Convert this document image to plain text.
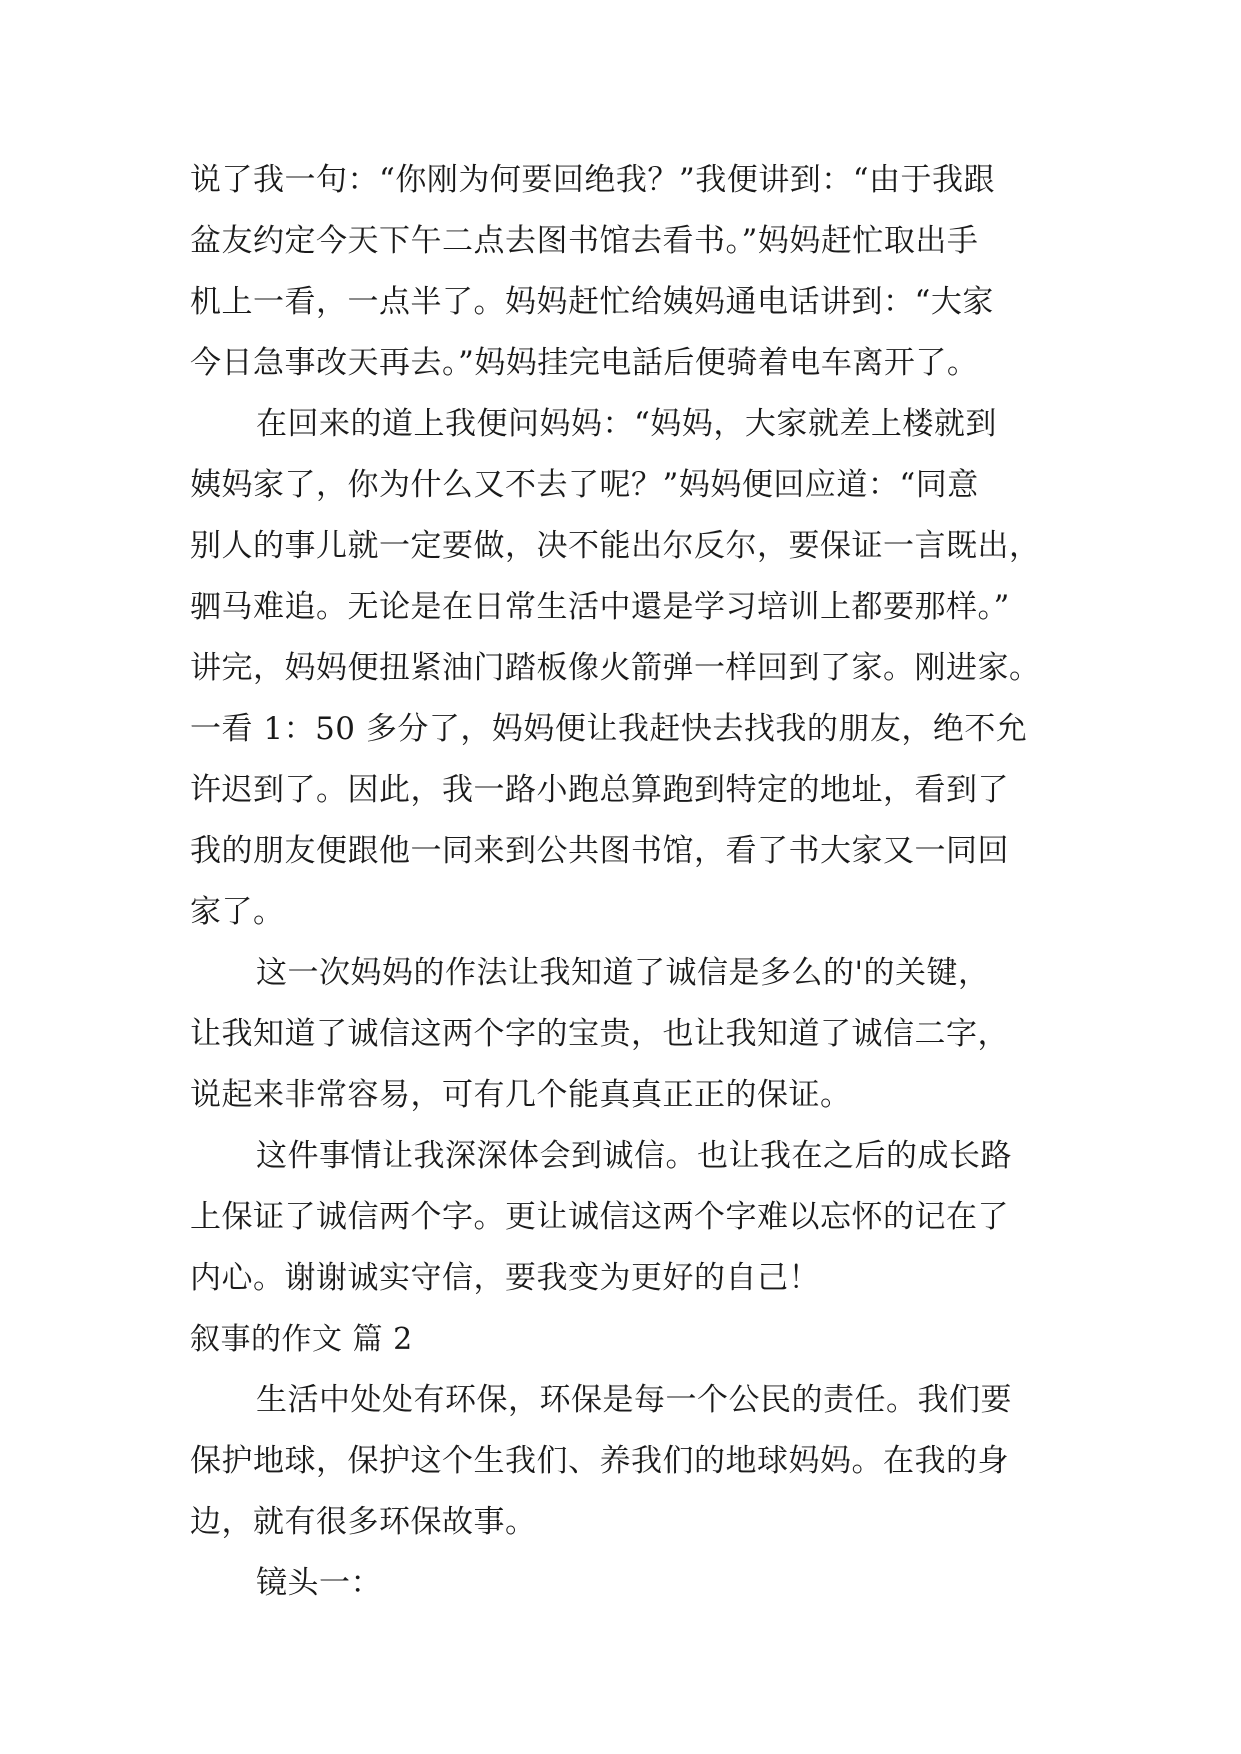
说了我一句：“你刚为何要回绝我？”我便讲到：“由于我跟
盆友约定今天下午二点去图书馆去看书。”妈妈赶忙取出手
机上一看，一点半了。妈妈赶忙给姨妈通电话讲到：“大家
今日急事改天再去。”妈妈挂完电話后便骑着电车离开了。
在回来的道上我便问妈妈：“妈妈，大家就差上楼就到
姨妈家了，你为什么又不去了呢？”妈妈便回应道：“同意
别人的事儿就一定要做，决不能出尔反尔，要保证一言既出，
驷马难追。无论是在日常生活中還是学习培训上都要那样。”
讲完，妈妈便扭紧油门踏板像火箭弹一样回到了家。刚进家。
一看 1：50 多分了，妈妈便让我赶快去找我的朋友，绝不允
许迟到了。因此，我一路小跑总算跑到特定的地址，看到了
我的朋友便跟他一同来到公共图书馆，看了书大家又一同回
家了。
这一次妈妈的作法让我知道了诚信是多么的'的关键，
让我知道了诚信这两个字的宝贵，也让我知道了诚信二字，
说起来非常容易，可有几个能真真正正的保证。
这件事情让我深深体会到诚信。也让我在之后的成长路
上保证了诚信两个字。更让诚信这两个字难以忘怀的记在了
内心。谢谢诚实守信，要我变为更好的自己！
叙事的作文 篇 2
生活中处处有环保，环保是每一个公民的责任。我们要
保护地球，保护这个生我们、养我们的地球妈妈。在我的身
边，就有很多环保故事。
镜头一：
